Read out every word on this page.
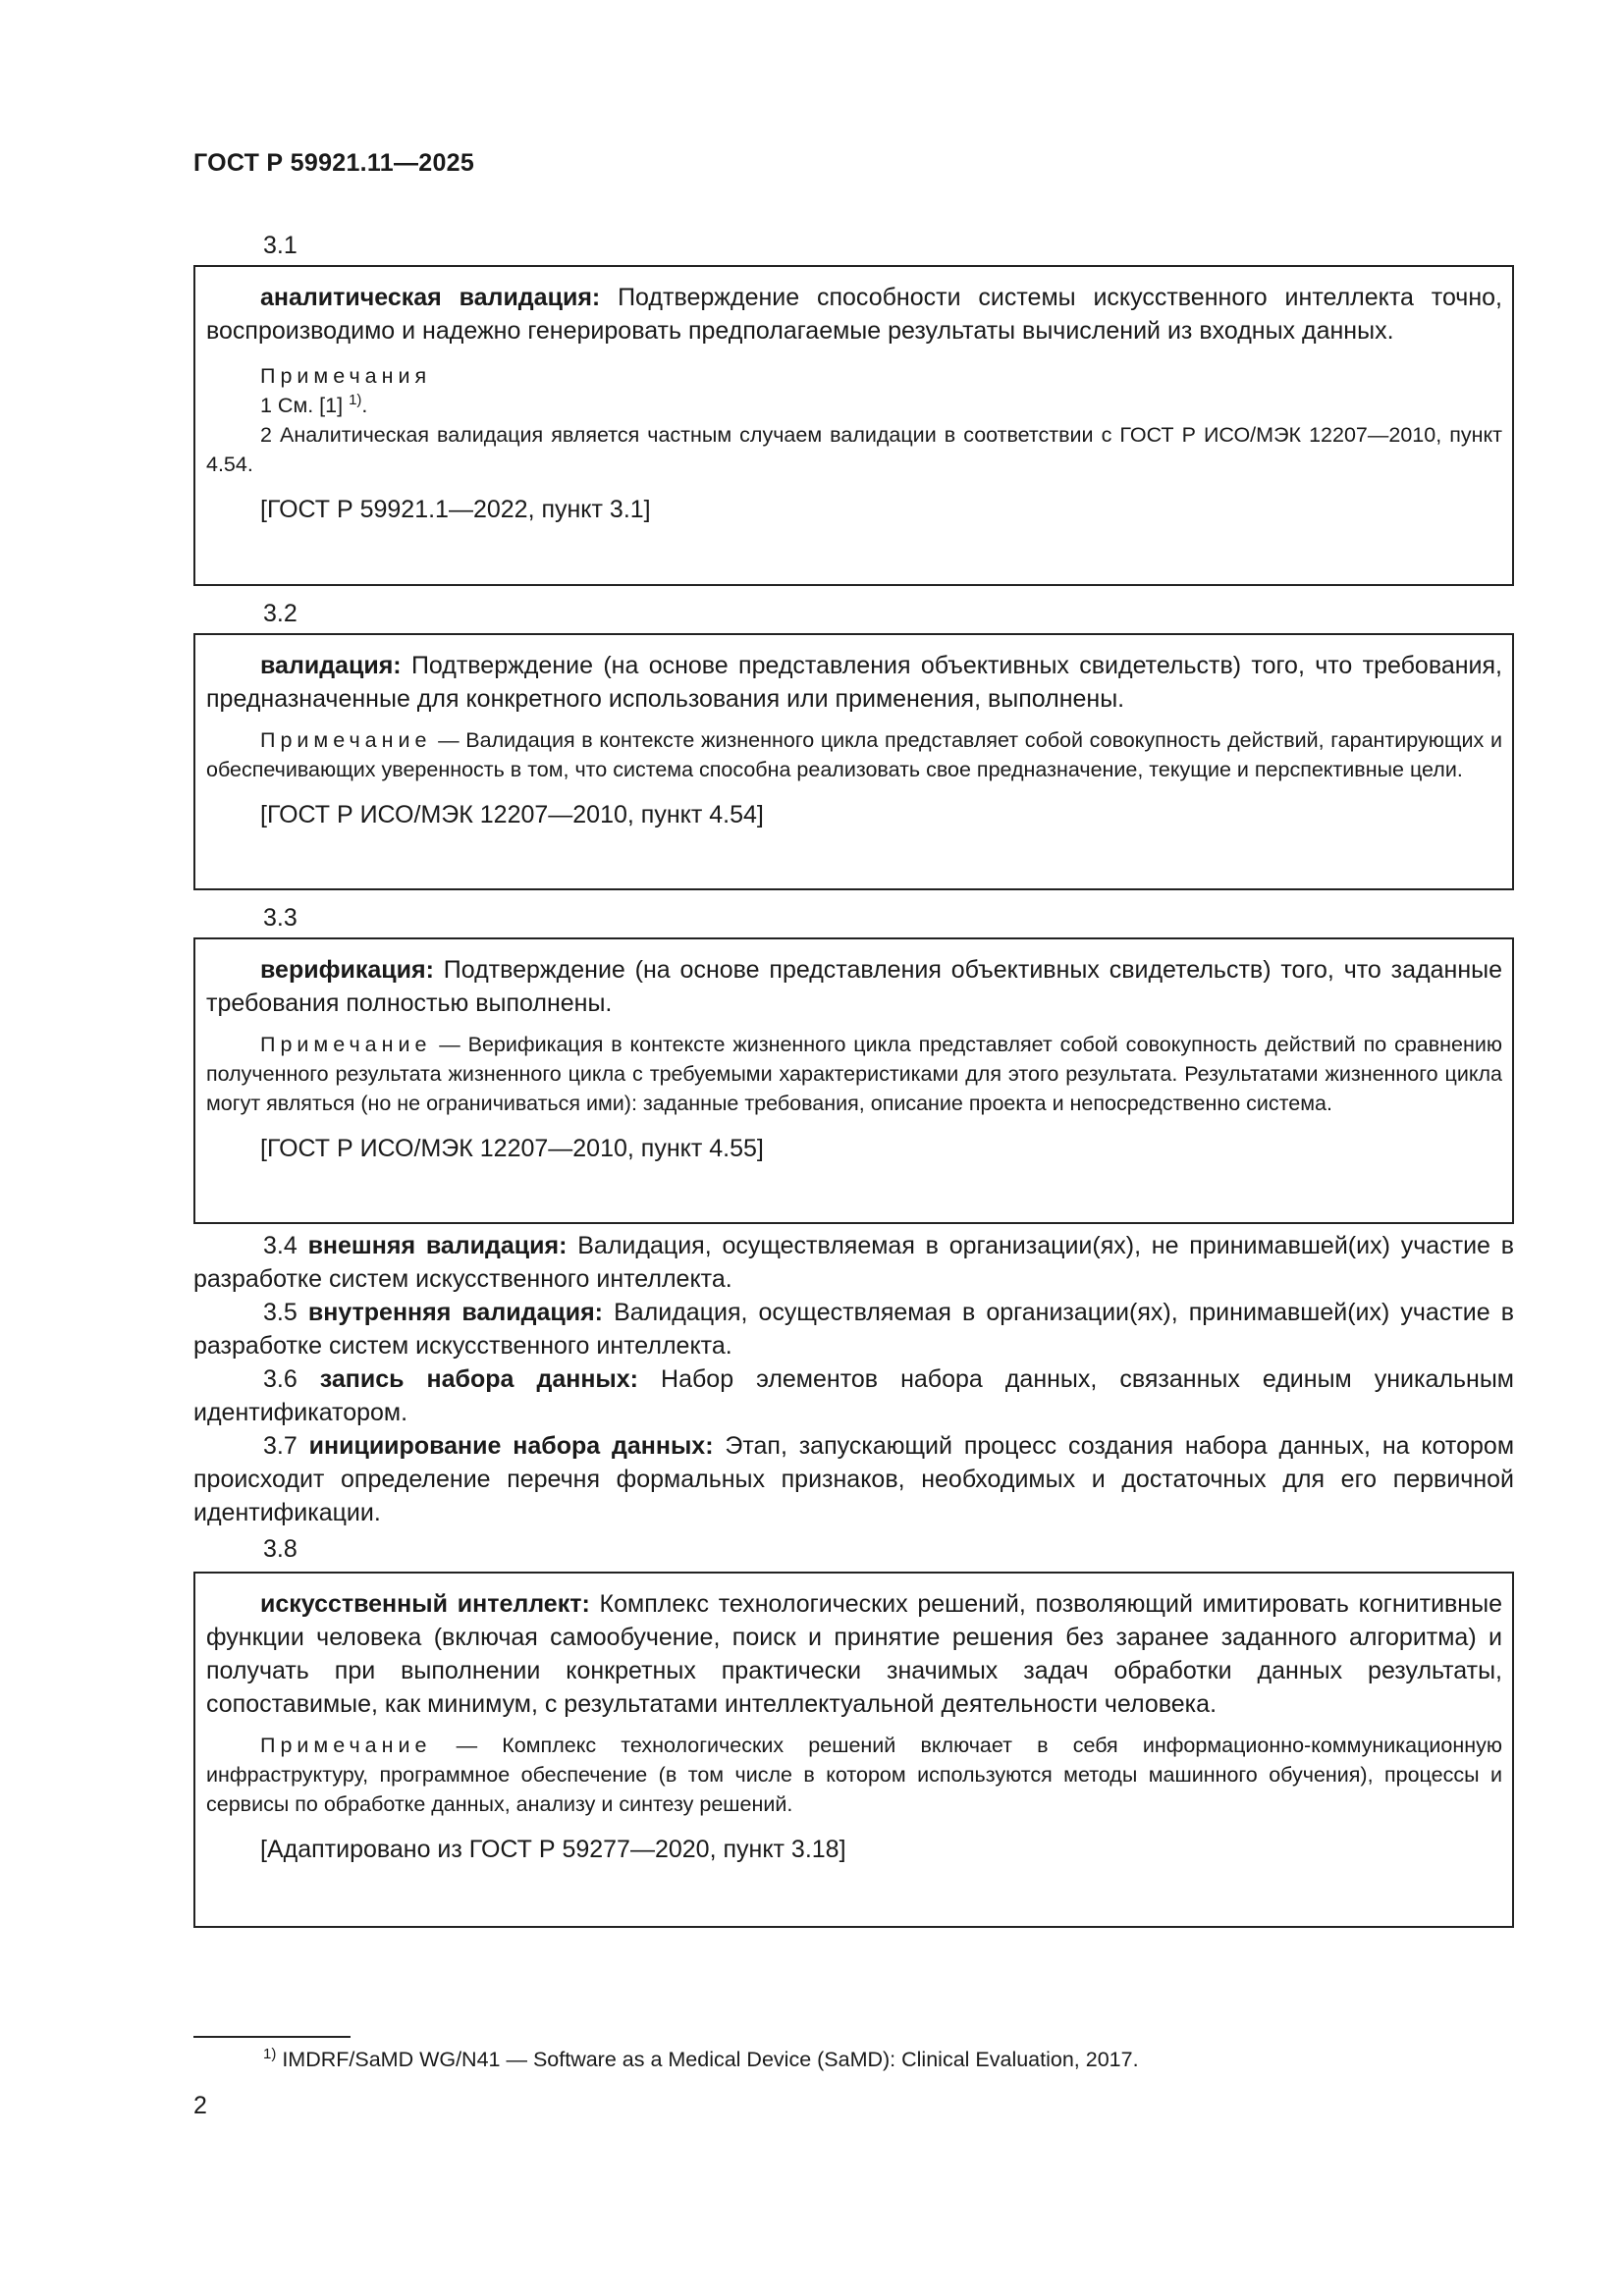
ГОСТ Р 59921.11—2025
3.1

аналитическая валидация: Подтверждение способности системы искусственного интеллекта точно, воспроизводимо и надежно генерировать предполагаемые результаты вычислений из входных данных.

Примечания

1 См. [1] $^{1)}$.

2 Аналитическая валидация является частным случаем валидации в соответствии с ГОСТ Р ИСО/МЭК 12207—2010, пункт 4.54.

[ГОСТ Р 59921.1—2022, пункт 3.1]

3.2

валидация: Подтверждение (на основе представления объективных свидетельств) того, что требования, предназначенные для конкретного использования или применения, выполнены.

Примечание — Валидация в контексте жизненного цикла представляет собой совокупность действий, гарантирующих и обеспечивающих уверенность в том, что система способна реализовать свое предназначение, текущие и перспективные цели.

[ГОСТ Р ИСО/МЭК 12207—2010, пункт 4.54]

3.3

верификация: Подтверждение (на основе представления объективных свидетельств) того, что заданные требования полностью выполнены.

Примечание — Верификация в контексте жизненного цикла представляет собой совокупность действий по сравнению полученного результата жизненного цикла с требуемыми характеристиками для этого результата. Результатами жизненного цикла могут являться (но не ограничиваться ими): заданные требования, описание проекта и непосредственно система.

[ГОСТ Р ИСО/МЭК 12207—2010, пункт 4.55]

3.4 внешняя валидация: Валидация, осуществляемая в организации(ях), не принимавшей(их) участие в разработке систем искусственного интеллекта.

3.5 внутренняя валидация: Валидация, осуществляемая в организации(ях), принимавшей(их) участие в разработке систем искусственного интеллекта.

3.6 запись набора данных: Набор элементов набора данных, связанных единым уникальным идентификатором.

3.7 инициирование набора данных: Этап, запускающий процесс создания набора данных, на котором происходит определение перечня формальных признаков, необходимых и достаточных для его первичной идентификации.

3.8

искусственный интеллект: Комплекс технологических решений, позволяющий имитировать когнитивные функции человека (включая самообучение, поиск и принятие решения без заранее заданного алгоритма) и получать при выполнении конкретных практически значимых задач обработки данных результаты, сопоставимые, как минимум, с результатами интеллектуальной деятельности человека.

Примечание — Комплекс технологических решений включает в себя информационно-коммуникационную инфраструктуру, программное обеспечение (в том числе в котором используются методы машинного обучения), процессы и сервисы по обработке данных, анализу и синтезу решений.

[Адаптировано из ГОСТ Р 59277—2020, пункт 3.18]

$^{1)}$ IMDRF/SaMD WG/N41 — Software as a Medical Device (SaMD): Clinical Evaluation, 2017.
2
